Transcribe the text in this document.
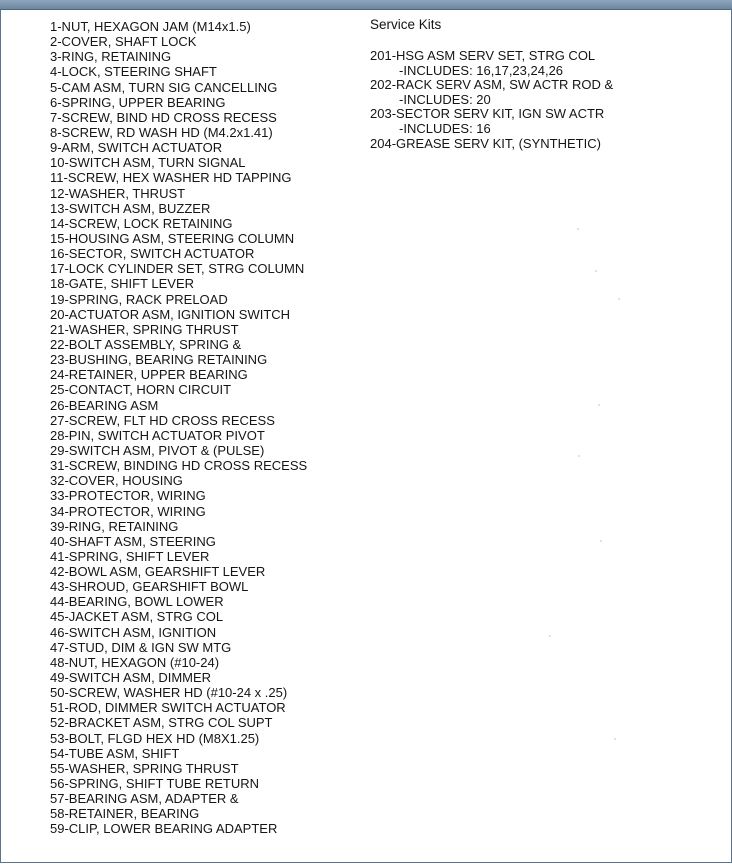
1-NUT, HEXAGON JAM (M14x1.5)
2-COVER, SHAFT LOCK
3-RING, RETAINING
4-LOCK, STEERING SHAFT
5-CAM ASM, TURN SIG CANCELLING
6-SPRING, UPPER BEARING
7-SCREW, BIND HD CROSS RECESS
8-SCREW, RD WASH HD (M4.2x1.41)
9-ARM, SWITCH ACTUATOR
10-SWITCH ASM, TURN SIGNAL
11-SCREW, HEX WASHER HD TAPPING
12-WASHER, THRUST
13-SWITCH ASM, BUZZER
14-SCREW, LOCK RETAINING
15-HOUSING ASM, STEERING COLUMN
16-SECTOR, SWITCH ACTUATOR
17-LOCK CYLINDER SET, STRG COLUMN
18-GATE, SHIFT LEVER
19-SPRING, RACK PRELOAD
20-ACTUATOR ASM, IGNITION SWITCH
21-WASHER, SPRING THRUST
22-BOLT ASSEMBLY, SPRING &
23-BUSHING, BEARING RETAINING
24-RETAINER, UPPER BEARING
25-CONTACT, HORN CIRCUIT
26-BEARING ASM
27-SCREW, FLT HD CROSS RECESS
28-PIN, SWITCH ACTUATOR PIVOT
29-SWITCH ASM, PIVOT & (PULSE)
31-SCREW, BINDING HD CROSS RECESS
32-COVER, HOUSING
33-PROTECTOR, WIRING
34-PROTECTOR, WIRING
39-RING, RETAINING
40-SHAFT ASM, STEERING
41-SPRING, SHIFT LEVER
42-BOWL ASM, GEARSHIFT LEVER
43-SHROUD, GEARSHIFT BOWL
44-BEARING, BOWL LOWER
45-JACKET ASM, STRG COL
46-SWITCH ASM, IGNITION
47-STUD, DIM & IGN SW MTG
48-NUT, HEXAGON (#10-24)
49-SWITCH ASM, DIMMER
50-SCREW, WASHER HD (#10-24 x .25)
51-ROD, DIMMER SWITCH ACTUATOR
52-BRACKET ASM, STRG COL SUPT
53-BOLT, FLGD HEX HD (M8X1.25)
54-TUBE ASM, SHIFT
55-WASHER, SPRING THRUST
56-SPRING, SHIFT TUBE RETURN
57-BEARING ASM, ADAPTER &
58-RETAINER, BEARING
59-CLIP, LOWER BEARING ADAPTER
Service Kits
201-HSG ASM SERV SET, STRG COL
-INCLUDES: 16,17,23,24,26
202-RACK SERV ASM, SW ACTR ROD &
-INCLUDES: 20
203-SECTOR SERV KIT, IGN SW ACTR
-INCLUDES: 16
204-GREASE SERV KIT, (SYNTHETIC)
